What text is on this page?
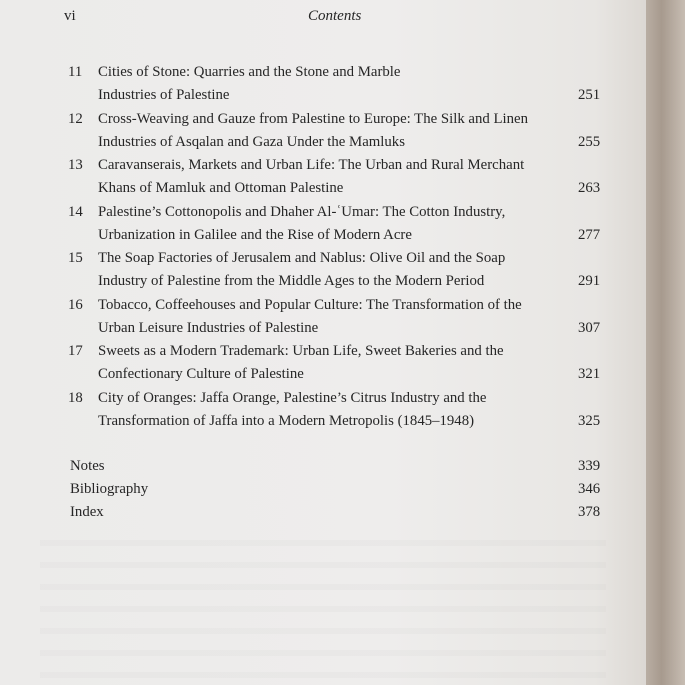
vi	Contents
11 Cities of Stone: Quarries and the Stone and Marble
Industries of Palestine	251
12 Cross-Weaving and Gauze from Palestine to Europe: The Silk and Linen
Industries of Asqalan and Gaza Under the Mamluks	255
13 Caravanserais, Markets and Urban Life: The Urban and Rural Merchant
Khans of Mamluk and Ottoman Palestine	263
14 Palestine’s Cottonopolis and Dhaher Al-ʿUmar: The Cotton Industry,
Urbanization in Galilee and the Rise of Modern Acre	277
15 The Soap Factories of Jerusalem and Nablus: Olive Oil and the Soap
Industry of Palestine from the Middle Ages to the Modern Period	291
16 Tobacco, Coffeehouses and Popular Culture: The Transformation of the
Urban Leisure Industries of Palestine	307
17 Sweets as a Modern Trademark: Urban Life, Sweet Bakeries and the
Confectionary Culture of Palestine	321
18 City of Oranges: Jaffa Orange, Palestine’s Citrus Industry and the
Transformation of Jaffa into a Modern Metropolis (1845–1948)	325
Notes	339
Bibliography	346
Index	378
